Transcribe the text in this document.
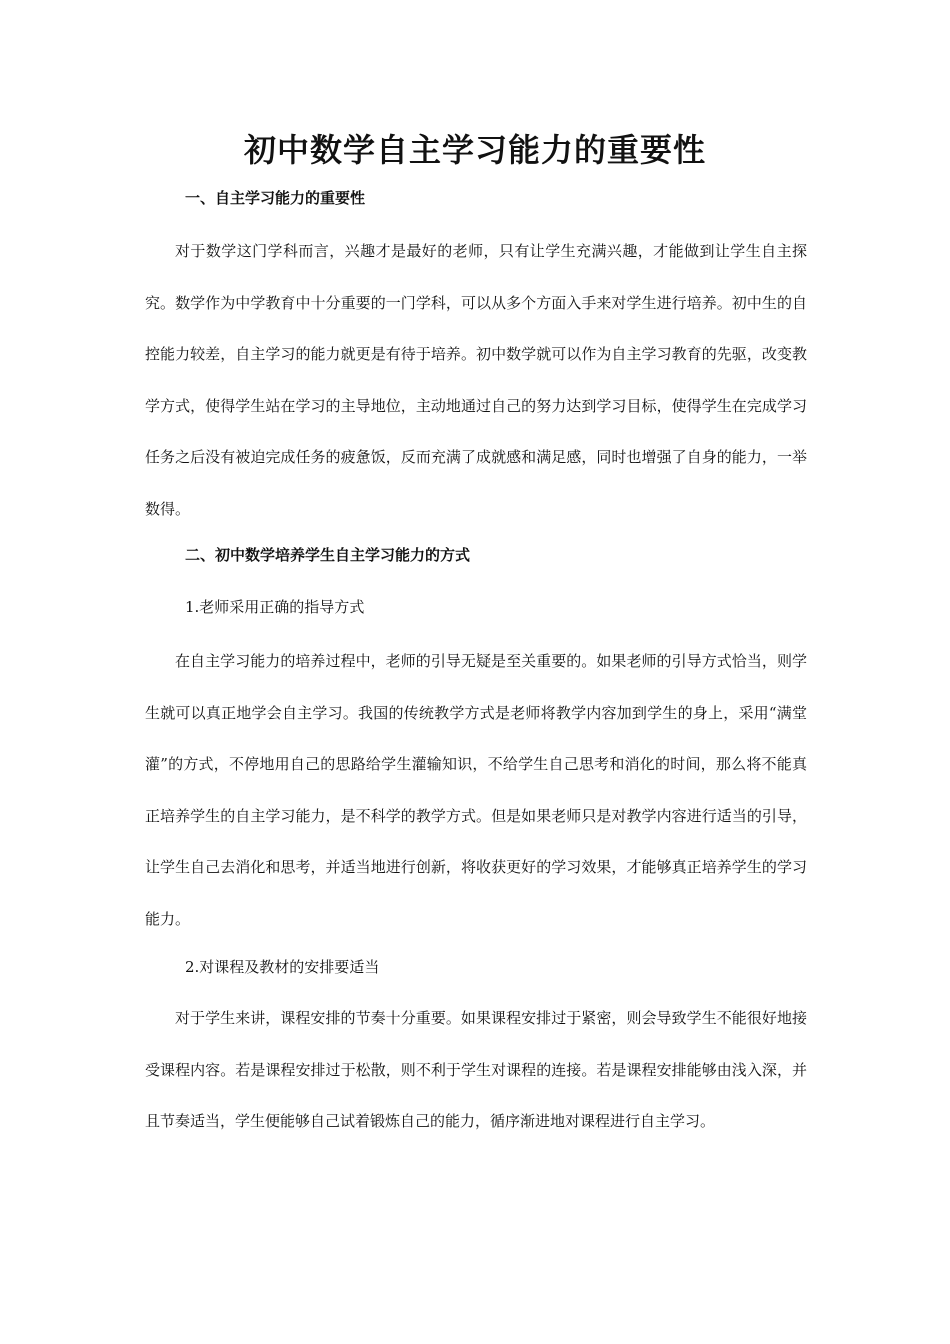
初中数学自主学习能力的重要性
一、自主学习能力的重要性

对于数学这门学科而言，兴趣才是最好的老师，只有让学生充满兴趣，才能做到让学生自主探究。数学作为中学教育中十分重要的一门学科，可以从多个方面入手来对学生进行培养。初中生的自控能力较差，自主学习的能力就更是有待于培养。初中数学就可以作为自主学习教育的先驱，改变教学方式，使得学生站在学习的主导地位，主动地通过自己的努力达到学习目标，使得学生在完成学习任务之后没有被迫完成任务的疲惫饭，反而充满了成就感和满足感，同时也增强了自身的能力，一举数得。

二、初中数学培养学生自主学习能力的方式
1.老师采用正确的指导方式

在自主学习能力的培养过程中，老师的引导无疑是至关重要的。如果老师的引导方式恰当，则学生就可以真正地学会自主学习。我国的传统教学方式是老师将教学内容加到学生的身上，采用“满堂灌”的方式，不停地用自己的思路给学生灌输知识，不给学生自己思考和消化的时间，那么将不能真正培养学生的自主学习能力，是不科学的教学方式。但是如果老师只是对教学内容进行适当的引导，让学生自己去消化和思考，并适当地进行创新，将收获更好的学习效果，才能够真正培养学生的学习能力。

2.对课程及教材的安排要适当

对于学生来讲，课程安排的节奏十分重要。如果课程安排过于紧密，则会导致学生不能很好地接受课程内容。若是课程安排过于松散，则不利于学生对课程的连接。若是课程安排能够由浅入深，并且节奏适当，学生便能够自己试着锻炼自己的能力，循序渐进地对课程进行自主学习。
